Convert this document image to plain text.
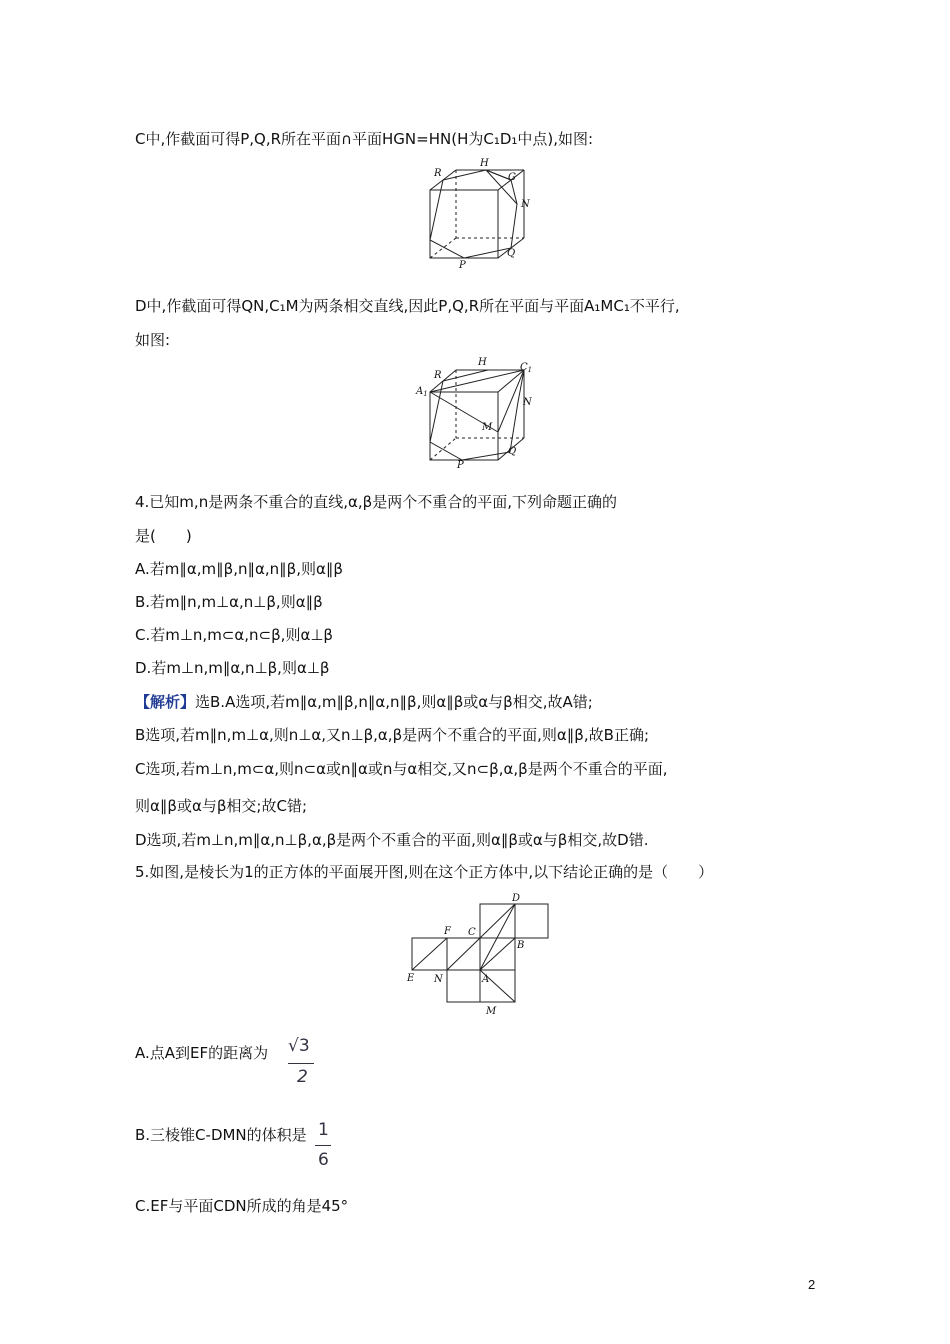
C中,作截面可得P,Q,R所在平面∩平面HGN=HN(H为C₁D₁中点),如图:
R
H
G
N
P
Q
D中,作截面可得QN,C₁M为两条相交直线,因此P,Q,R所在平面与平面A₁MC₁不平行,
如图:
H	$C_1$
R
$A_1$
N
M
P
Q
4.已知m,n是两条不重合的直线,α,β是两个不重合的平面,下列命题正确的
是(　　)
A.若m∥α,m∥β,n∥α,n∥β,则α∥β
B.若m∥n,m⊥α,n⊥β,则α∥β
C.若m⊥n,m⊂α,n⊂β,则α⊥β
D.若m⊥n,m∥α,n⊥β,则α⊥β
【解析】选B.A选项,若m∥α,m∥β,n∥α,n∥β,则α∥β或α与β相交,故A错;
B选项,若m∥n,m⊥α,则n⊥α,又n⊥β,α,β是两个不重合的平面,则α∥β,故B正确;
C选项,若m⊥n,m⊂α,则n⊂α或n∥α或n与α相交,又n⊂β,α,β是两个不重合的平面,
则α∥β或α与β相交;故C错;
D选项,若m⊥n,m∥α,n⊥β,α,β是两个不重合的平面,则α∥β或α与β相交,故D错.
5.如图,是棱长为1的正方体的平面展开图,则在这个正方体中,以下结论正确的是（　　）
D
F C
B
E N	A
M
A.点A到EF的距离为 √3
2
B.三棱锥C-DMN的体积是 1
6
C.EF与平面CDN所成的角是45°
2
